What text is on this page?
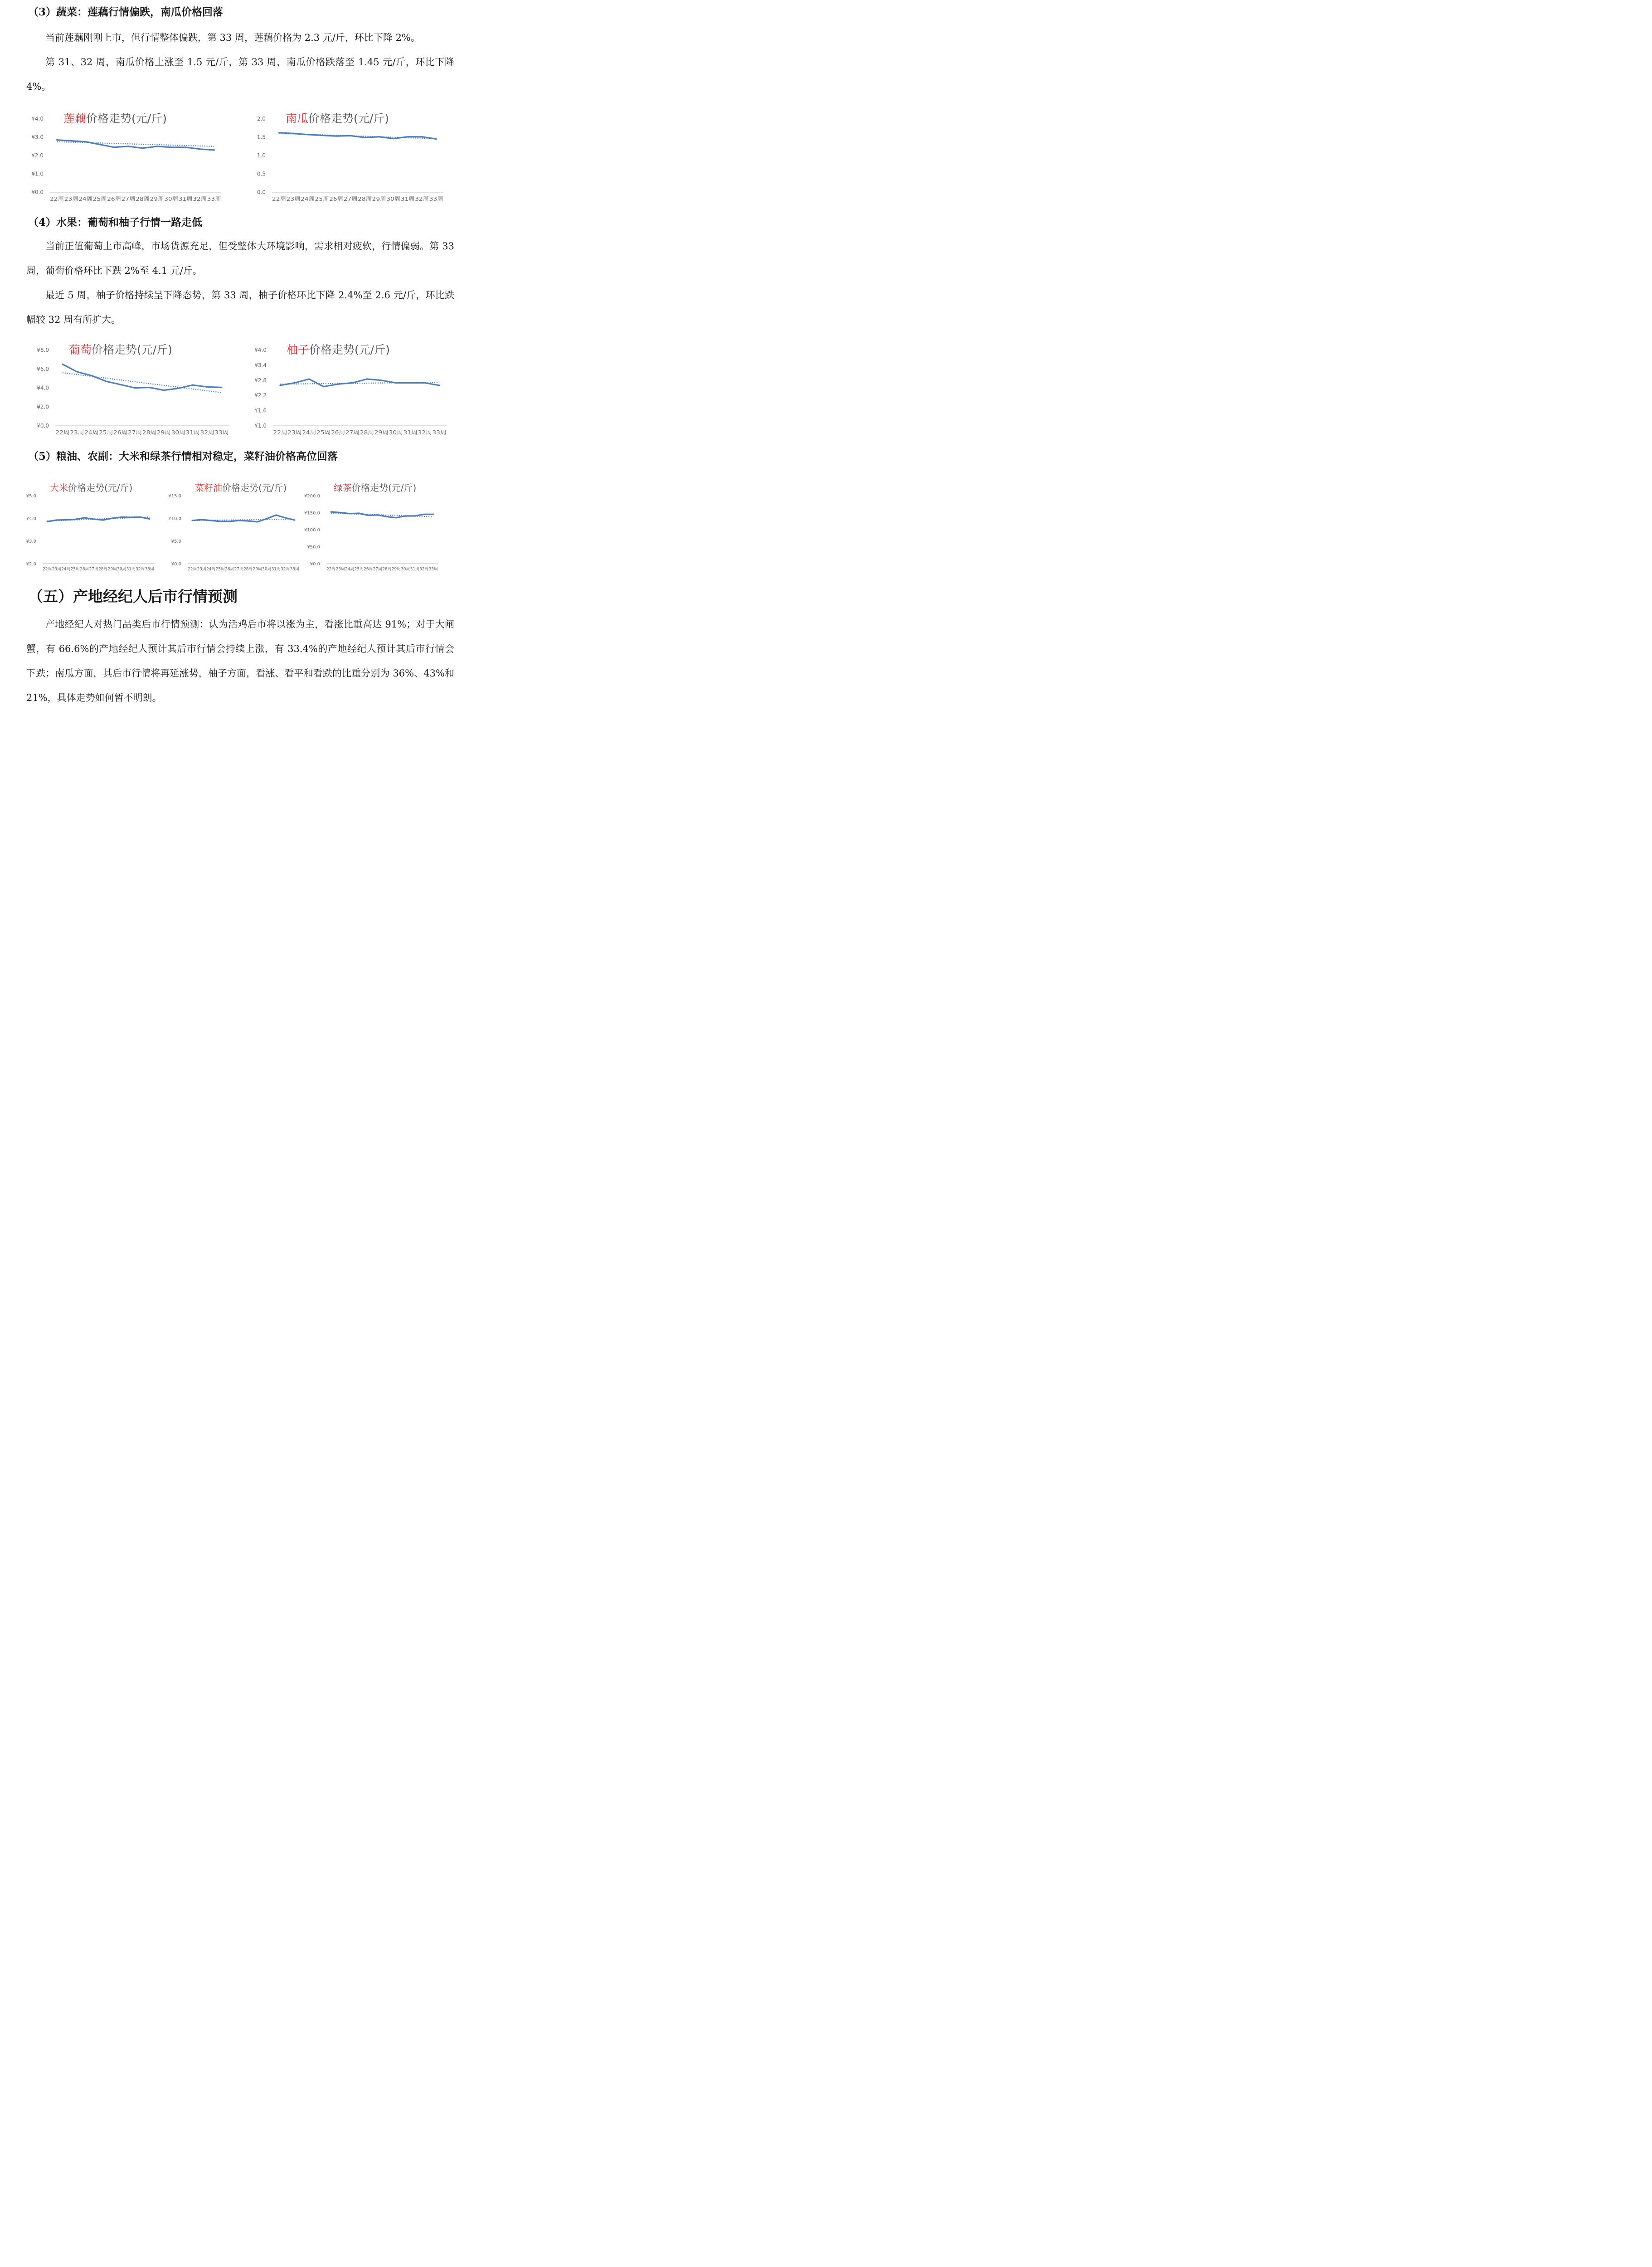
（3）蔬菜：莲藕行情偏跌，南瓜价格回落

当前莲藕刚刚上市，但行情整体偏跌，第 33 周，莲藕价格为 2.3 元/斤，环比下降 2%。

第 31、32 周，南瓜价格上涨至 1.5 元/斤，第 33 周，南瓜价格跌落至 1.45 元/斤，环比下降 4%。

¥0.0
¥1.0
¥2.0
¥3.0
¥4.0
22周 23周 24周 25周 26周 27周 28周 29周 30周 31周 32周 33周
莲藕价格走势(元/斤)
0.0
0.5
1.0
1.5
2.0
22周 23周 24周 25周 26周 27周 28周 29周 30周 31周 32周 33周
南瓜价格走势(元/斤)
（4）水果：葡萄和柚子行情一路走低

当前正值葡萄上市高峰，市场货源充足，但受整体大环境影响，需求相对疲软，行情偏弱。第 33 周，葡萄价格环比下跌 2%至 4.1 元/斤。

最近 5 周，柚子价格持续呈下降态势，第 33 周，柚子价格环比下降 2.4%至 2.6 元/斤，环比跌幅较 32 周有所扩大。

¥0.0
¥2.0
¥4.0
¥6.0
¥8.0
22周 23周 24周 25周 26周 27周 28周 29周 30周 31周 32周 33周
葡萄价格走势(元/斤)
¥1.0
¥1.6
¥2.2
¥2.8
¥3.4
¥4.0
22周 23周 24周 25周 26周 27周 28周 29周 30周 31周 32周 33周
柚子价格走势(元/斤)
（5）粮油、农副：大米和绿茶行情相对稳定，菜籽油价格高位回落
¥2.0
¥3.0
¥4.0
¥5.0
22周 23周 24周 25周 26周 27周 28周 29周 30周 31周 32周 33周
大米价格走势(元/斤)
¥0.0
¥5.0
¥10.0
¥15.0
22周 23周 24周 25周 26周 27周 28周 29周 30周 31周 32周 33周
菜籽油价格走势(元/斤)
¥0.0
¥50.0
¥100.0
¥150.0
¥200.0
22周 23周 24周 25周 26周 27周 28周 29周 30周 31周 32周 33周
绿茶价格走势(元/斤)
（五）产地经纪人后市行情预测

产地经纪人对热门品类后市行情预测：认为活鸡后市将以涨为主，看涨比重高达 91%；对于大闸蟹，有 66.6%的产地经纪人预计其后市行情会持续上涨，有 33.4%的产地经纪人预计其后市行情会下跌；南瓜方面，其后市行情将再延涨势，柚子方面，看涨、看平和看跌的比重分别为 36%、43%和 21%，具体走势如何暂不明朗。
